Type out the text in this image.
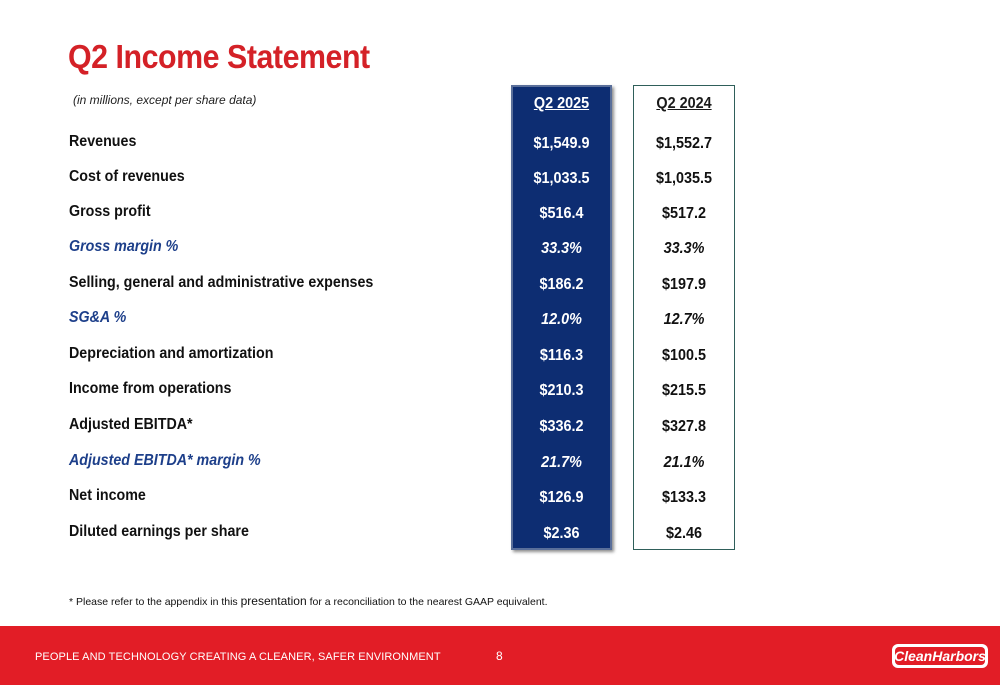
Q2 Income Statement
(in millions, except per share data)	Q2 2025	Q2 2024
Revenues	$1,549.9	$1,552.7
Cost of revenues	$1,033.5	$1,035.5
Gross profit	$516.4	$517.2
Gross margin %	33.3%	33.3%
Selling, general and administrative expenses	$186.2	$197.9
SG&A %	12.0%	12.7%
Depreciation and amortization	$116.3	$100.5
Income from operations	$210.3	$215.5
Adjusted EBITDA*	$336.2	$327.8
Adjusted EBITDA* margin %	21.7%	21.1%
Net income	$126.9	$133.3
Diluted earnings per share	$2.36	$2.46
* Please refer to the appendix in this presentation for a reconciliation to the nearest GAAP equivalent.
PEOPLE AND TECHNOLOGY CREATING A CLEANER, SAFER ENVIRONMENT	8	CleanHarbors
